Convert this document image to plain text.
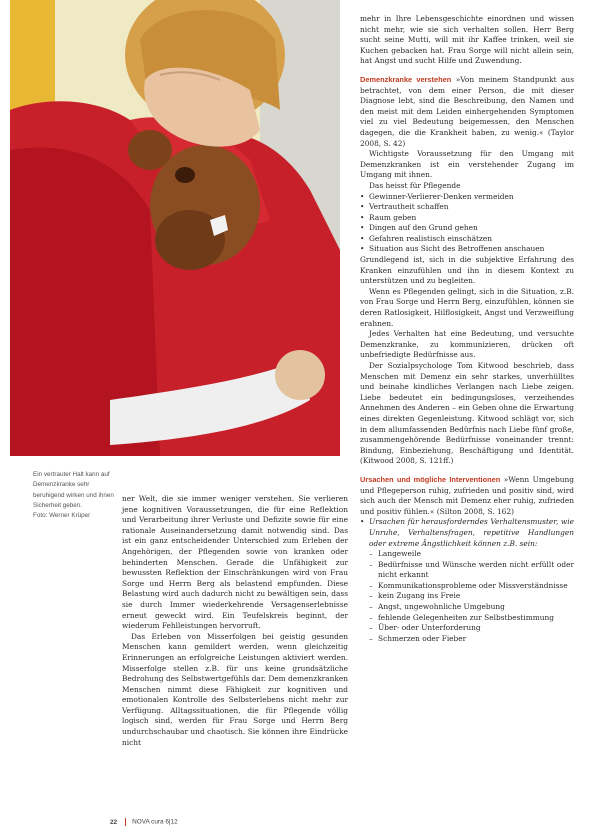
Ein vertrauter Halt kann auf Demenzkranke sehr beruhigend wirken und ihnen Sicherheit geben.
Foto: Werner Krüper

ner Welt, die sie immer weniger verstehen. Sie verlieren jene kognitiven Voraussetzungen, die für eine Reflektion und Verarbeitung ihrer Verluste und Defizite sowie für eine rationale Auseinandersetzung damit notwendig sind. Das ist ein ganz entscheidender Unterschied zum Erleben der Angehörigen, der Pflegenden sowie von kranken oder behinderten Menschen. Gerade die Unfähigkeit zur bewussten Reflektion der Einschränkungen wird von Frau Sorge und Herrn Berg als belastend empfunden. Diese Belastung wird auch dadurch nicht zu bewältigen sein, dass sie durch Immer wiederkehrende Versagenserlebnisse erneut geweckt wird. Ein Teufelskreis beginnt, der wiederum Fehlleistungen hervorruft.

Das Erleben von Misserfolgen bei geistig gesunden Menschen kann gemildert werden, wenn gleichzeitig Erinnerungen an erfolgreiche Leistungen aktiviert werden. Misserfolge stellen z.B. für uns keine grundsätzliche Bedrohung des Selbstwertgefühls dar. Dem demenzkranken Menschen nimmt diese Fähigkeit zur kognitiven und emotionalen Kontrolle des Selbsterlebens nicht mehr zur Verfügung. Alltagssituationen, die für Pflegende völlig logisch sind, werden für Frau Sorge und Herrn Berg undurchschaubar und chaotisch. Sie können ihre Eindrücke nicht

mehr in Ihre Lebensgeschichte einordnen und wissen nicht mehr, wie sie sich verhalten sollen. Herr Berg sucht seine Mutti, will mit ihr Kaffee trinken, weil sie Kuchen gebacken hat. Frau Sorge will nicht allein sein, hat Angst und sucht Hilfe und Zuwendung.

Demenzkranke verstehen »Von meinem Standpunkt aus betrachtet, von dem einer Person, die mit dieser Diagnose lebt, sind die Beschreibung, den Namen und den meist mit dem Leiden einhergehenden Symptomen viel zu viel Bedeutung beigemessen, den Menschen dagegen, die die Krankheit haben, zu wenig.« (Taylor 2008, S. 42)

Wichtigste Voraussetzung für den Umgang mit Demenzkranken ist ein verstehender Zugang im Umgang mit ihnen.

Das heisst für Pflegende

• Gewinner-Verlierer-Denken vermeiden
• Vertrautheit schaffen
• Raum geben
• Dingen auf den Grund gehen
• Gefahren realistisch einschätzen
• Situation aus Sicht des Betroffenen anschauen

Grundlegend ist, sich in die subjektive Erfahrung des Kranken einzufühlen und ihn in diesem Kontext zu unterstützen und zu begleiten.

Wenn es Pflegenden gelingt, sich in die Situation, z.B. von Frau Sorge und Herrn Berg, einzufühlen, können sie deren Ratlosigkeit, Hilflosigkeit, Angst und Verzweiflung erahnen.

Jedes Verhalten hat eine Bedeutung, und versuchte Demenzkranke, zu kommunizieren, drücken oft unbefriedigte Bedürfnisse aus.

Der Sozialpsychologe Tom Kitwood beschrieb, dass Menschen mit Demenz ein sehr starkes, unverhülltes und beinahe kindliches Verlangen nach Liebe zeigen. Liebe bedeutet ein bedingungsloses, verzeihendes Annehmen des Anderen – ein Geben ohne die Erwartung eines direkten Gegenleistung. Kitwood schlägt vor, sich in dem allumfassenden Bedürfnis nach Liebe fünf große, zusammengehörende Bedürfnisse voneinander trennt: Bindung, Einbeziehung, Beschäftigung und Identität. (Kitwood 2008, S. 121ff.)

Ursachen und mögliche Interventionen »Wenn Umgebung und Pflegeperson ruhig, zufrieden und positiv sind, wird sich auch der Mensch mit Demenz eher ruhig, zufrieden und positiv fühlen.« (Silton 2008, S. 162)

• Ursachen für herausforderndes Verhaltensmuster, wie Unruhe, Verhaltensfragen, repetitive Handlungen oder extreme Ängstlichkeit können z.B. sein:
– Langeweile
– Bedürfnisse und Wünsche werden nicht erfüllt oder nicht erkannt
– Kommunikationsprobleme oder Missverständnisse
– kein Zugang ins Freie
– Angst, ungewohnliche Umgebung
– fehlende Gelegenheiten zur Selbstbestimmung
– Über- oder Unterforderung
– Schmerzen oder Fieber
22 NOVA cura 6|12
